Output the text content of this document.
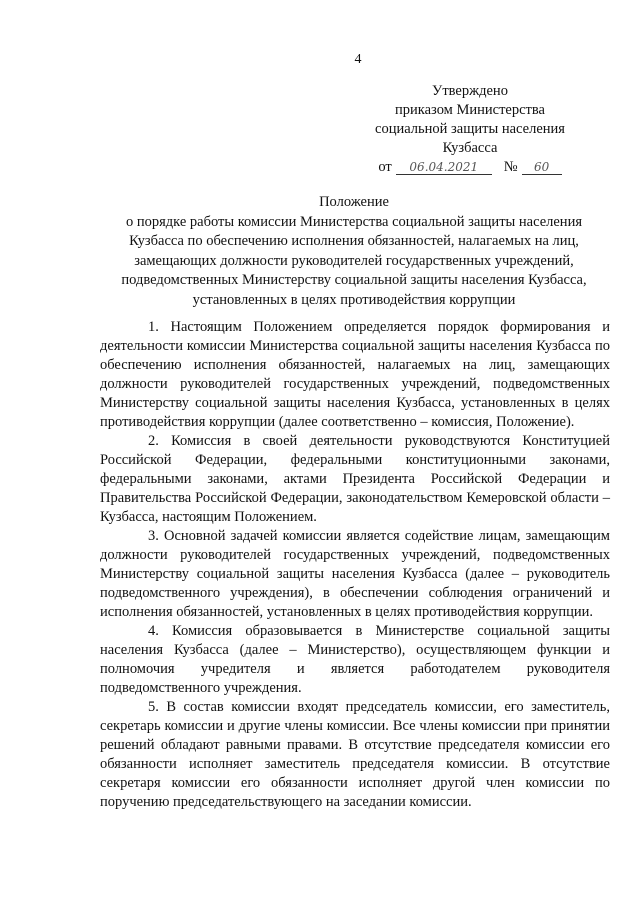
4
Утверждено
приказом Министерства
социальной защиты населения
Кузбасса
от	06.04.2021	№	60
Положение
о порядке работы комиссии Министерства социальной защиты населения Кузбасса по обеспечению исполнения обязанностей, налагаемых на лиц, замещающих должности руководителей государственных учреждений, подведомственных Министерству социальной защиты населения Кузбасса, установленных в целях противодействия коррупции

1. Настоящим Положением определяется порядок формирования и деятельности комиссии Министерства социальной защиты населения Кузбасса по обеспечению исполнения обязанностей, налагаемых на лиц, замещающих должности руководителей государственных учреждений, подведомственных Министерству социальной защиты населения Кузбасса, установленных в целях противодействия коррупции (далее соответственно – комиссия, Положение).

2. Комиссия в своей деятельности руководствуются Конституцией Российской Федерации, федеральными конституционными законами, федеральными законами, актами Президента Российской Федерации и Правительства Российской Федерации, законодательством Кемеровской области – Кузбасса, настоящим Положением.

3. Основной задачей комиссии является содействие лицам, замещающим должности руководителей государственных учреждений, подведомственных Министерству социальной защиты населения Кузбасса (далее – руководитель подведомственного учреждения), в обеспечении соблюдения ограничений и исполнения обязанностей, установленных в целях противодействия коррупции.

4. Комиссия образовывается в Министерстве социальной защиты населения Кузбасса (далее – Министерство), осуществляющем функции и полномочия учредителя и является работодателем руководителя подведомственного учреждения.

5. В состав комиссии входят председатель комиссии, его заместитель, секретарь комиссии и другие члены комиссии. Все члены комиссии при принятии решений обладают равными правами. В отсутствие председателя комиссии его обязанности исполняет заместитель председателя комиссии. В отсутствие секретаря комиссии его обязанности исполняет другой член комиссии по поручению председательствующего на заседании комиссии.
